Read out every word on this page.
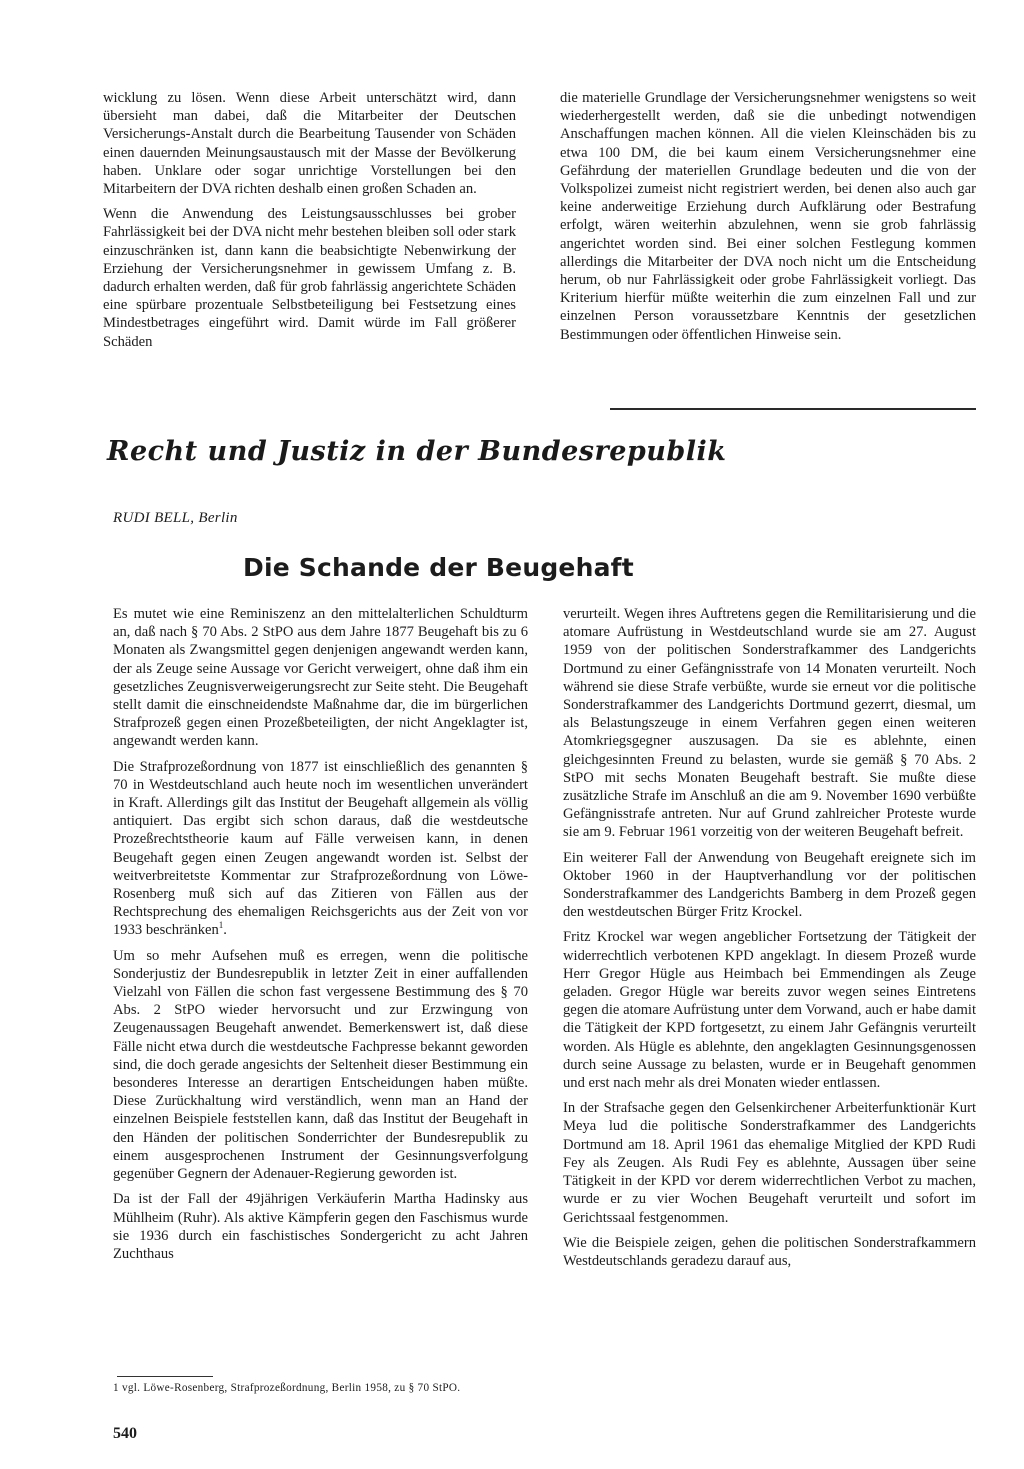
wicklung zu lösen. Wenn diese Arbeit unterschätzt wird, dann übersieht man dabei, daß die Mitarbeiter der Deutschen Versicherungs-Anstalt durch die Bearbeitung Tausender von Schäden einen dauernden Meinungsaustausch mit der Masse der Bevölkerung haben. Unklare oder sogar unrichtige Vorstellungen bei den Mitarbeitern der DVA richten deshalb einen großen Schaden an.

Wenn die Anwendung des Leistungsausschlusses bei grober Fahrlässigkeit bei der DVA nicht mehr bestehen bleiben soll oder stark einzuschränken ist, dann kann die beabsichtigte Nebenwirkung der Erziehung der Versicherungsnehmer in gewissem Umfang z. B. dadurch erhalten werden, daß für grob fahrlässig angerichtete Schäden eine spürbare prozentuale Selbstbeteiligung bei Festsetzung eines Mindestbetrages eingeführt wird. Damit würde im Fall größerer Schäden

die materielle Grundlage der Versicherungsnehmer wenigstens so weit wiederhergestellt werden, daß sie die unbedingt notwendigen Anschaffungen machen können. All die vielen Kleinschäden bis zu etwa 100 DM, die bei kaum einem Versicherungsnehmer eine Gefährdung der materiellen Grundlage bedeuten und die von der Volkspolizei zumeist nicht registriert werden, bei denen also auch gar keine anderweitige Erziehung durch Aufklärung oder Bestrafung erfolgt, wären weiterhin abzulehnen, wenn sie grob fahrlässig angerichtet worden sind. Bei einer solchen Festlegung kommen allerdings die Mitarbeiter der DVA noch nicht um die Entscheidung herum, ob nur Fahrlässigkeit oder grobe Fahrlässigkeit vorliegt. Das Kriterium hierfür müßte weiterhin die zum einzelnen Fall und zur einzelnen Person voraussetzbare Kenntnis der gesetzlichen Bestimmungen oder öffentlichen Hinweise sein.

Recht und Justiz in der Bundesrepublik

RUDI BELL, Berlin

Die Schande der Beugehaft

Es mutet wie eine Reminiszenz an den mittelalterlichen Schuldturm an, daß nach § 70 Abs. 2 StPO aus dem Jahre 1877 Beugehaft bis zu 6 Monaten als Zwangsmittel gegen denjenigen angewandt werden kann, der als Zeuge seine Aussage vor Gericht verweigert, ohne daß ihm ein gesetzliches Zeugnisverweigerungsrecht zur Seite steht. Die Beugehaft stellt damit die einschneidendste Maßnahme dar, die im bürgerlichen Strafprozeß gegen einen Prozeßbeteiligten, der nicht Angeklagter ist, angewandt werden kann.

Die Strafprozeßordnung von 1877 ist einschließlich des genannten § 70 in Westdeutschland auch heute noch im wesentlichen unverändert in Kraft. Allerdings gilt das Institut der Beugehaft allgemein als völlig antiquiert. Das ergibt sich schon daraus, daß die westdeutsche Prozeßrechtstheorie kaum auf Fälle verweisen kann, in denen Beugehaft gegen einen Zeugen angewandt worden ist. Selbst der weitverbreitetste Kommentar zur Strafprozeßordnung von Löwe-Rosenberg muß sich auf das Zitieren von Fällen aus der Rechtsprechung des ehemaligen Reichsgerichts aus der Zeit von vor 1933 beschränken$^1$.

Um so mehr Aufsehen muß es erregen, wenn die politische Sonderjustiz der Bundesrepublik in letzter Zeit in einer auffallenden Vielzahl von Fällen die schon fast vergessene Bestimmung des § 70 Abs. 2 StPO wieder hervorsucht und zur Erzwingung von Zeugenaussagen Beugehaft anwendet. Bemerkenswert ist, daß diese Fälle nicht etwa durch die westdeutsche Fachpresse bekannt geworden sind, die doch gerade angesichts der Seltenheit dieser Bestimmung ein besonderes Interesse an derartigen Entscheidungen haben müßte. Diese Zurückhaltung wird verständlich, wenn man an Hand der einzelnen Beispiele feststellen kann, daß das Institut der Beugehaft in den Händen der politischen Sonderrichter der Bundesrepublik zu einem ausgesprochenen Instrument der Gesinnungsverfolgung gegenüber Gegnern der Adenauer-Regierung geworden ist.

Da ist der Fall der 49jährigen Verkäuferin Martha Hadinsky aus Mühlheim (Ruhr). Als aktive Kämpferin gegen den Faschismus wurde sie 1936 durch ein faschistisches Sondergericht zu acht Jahren Zuchthaus

verurteilt. Wegen ihres Auftretens gegen die Remilitarisierung und die atomare Aufrüstung in Westdeutschland wurde sie am 27. August 1959 von der politischen Sonderstrafkammer des Landgerichts Dortmund zu einer Gefängnisstrafe von 14 Monaten verurteilt. Noch während sie diese Strafe verbüßte, wurde sie erneut vor die politische Sonderstrafkammer des Landgerichts Dortmund gezerrt, diesmal, um als Belastungszeuge in einem Verfahren gegen einen weiteren Atomkriegsgegner auszusagen. Da sie es ablehnte, einen gleichgesinnten Freund zu belasten, wurde sie gemäß § 70 Abs. 2 StPO mit sechs Monaten Beugehaft bestraft. Sie mußte diese zusätzliche Strafe im Anschluß an die am 9. November 1690 verbüßte Gefängnisstrafe antreten. Nur auf Grund zahlreicher Proteste wurde sie am 9. Februar 1961 vorzeitig von der weiteren Beugehaft befreit.

Ein weiterer Fall der Anwendung von Beugehaft ereignete sich im Oktober 1960 in der Hauptverhandlung vor der politischen Sonderstrafkammer des Landgerichts Bamberg in dem Prozeß gegen den westdeutschen Bürger Fritz Krockel.

Fritz Krockel war wegen angeblicher Fortsetzung der Tätigkeit der widerrechtlich verbotenen KPD angeklagt. In diesem Prozeß wurde Herr Gregor Hügle aus Heimbach bei Emmendingen als Zeuge geladen. Gregor Hügle war bereits zuvor wegen seines Eintretens gegen die atomare Aufrüstung unter dem Vorwand, auch er habe damit die Tätigkeit der KPD fortgesetzt, zu einem Jahr Gefängnis verurteilt worden. Als Hügle es ablehnte, den angeklagten Gesinnungsgenossen durch seine Aussage zu belasten, wurde er in Beugehaft genommen und erst nach mehr als drei Monaten wieder entlassen.

In der Strafsache gegen den Gelsenkirchener Arbeiterfunktionär Kurt Meya lud die politische Sonderstrafkammer des Landgerichts Dortmund am 18. April 1961 das ehemalige Mitglied der KPD Rudi Fey als Zeugen. Als Rudi Fey es ablehnte, Aussagen über seine Tätigkeit in der KPD vor derem widerrechtlichen Verbot zu machen, wurde er zu vier Wochen Beugehaft verurteilt und sofort im Gerichtssaal festgenommen.

Wie die Beispiele zeigen, gehen die politischen Sonderstrafkammern Westdeutschlands geradezu darauf aus,

1 vgl. Löwe-Rosenberg, Strafprozeßordnung, Berlin 1958, zu § 70 StPO.

540
